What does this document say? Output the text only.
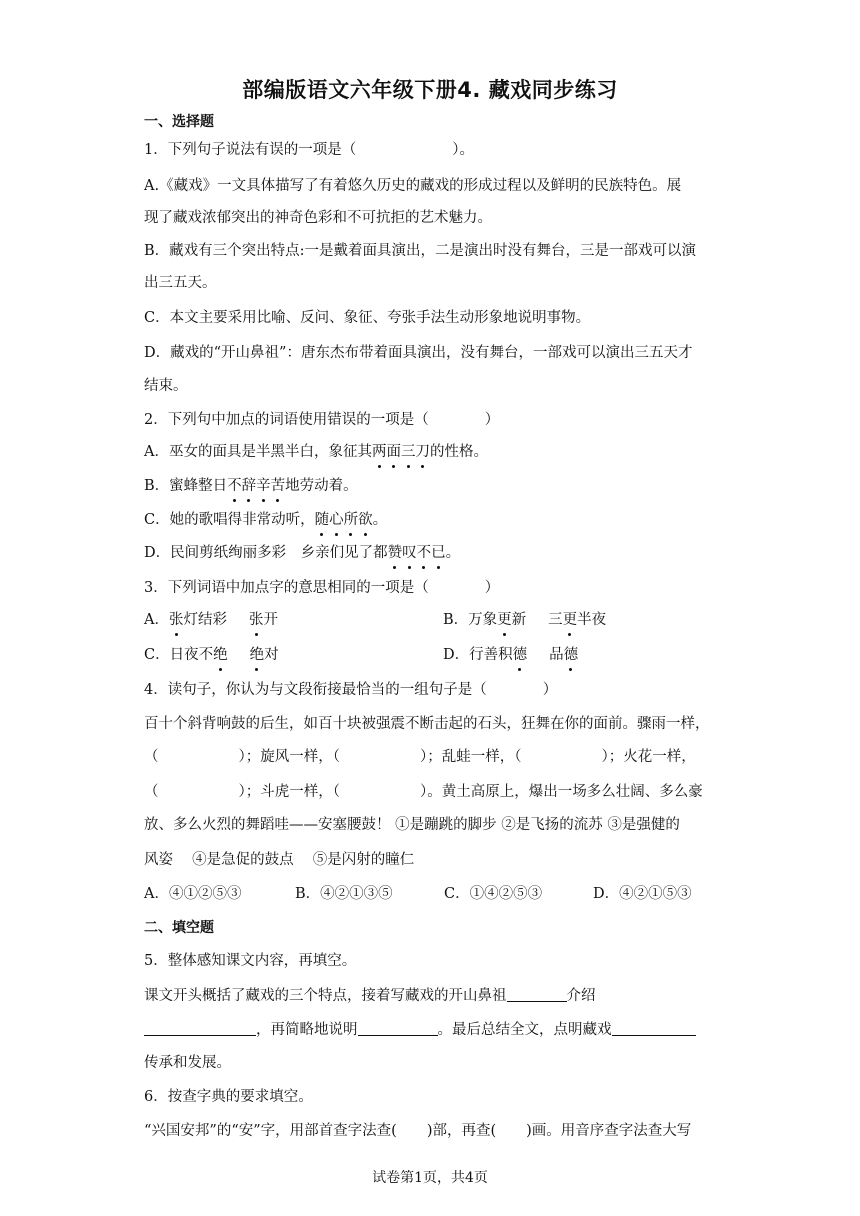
部编版语文六年级下册4. 藏戏同步练习
一、选择题
1．下列句子说法有误的一项是（	）。
A.《藏戏》一文具体描写了有着悠久历史的藏戏的形成过程以及鲜明的民族特色。展
现了藏戏浓郁突出的神奇色彩和不可抗拒的艺术魅力。
B．藏戏有三个突出特点:一是戴着面具演出，二是演出时没有舞台，三是一部戏可以演
出三五天。
C．本文主要采用比喻、反问、象征、夸张手法生动形象地说明事物。
D．藏戏的“开山鼻祖”：唐东杰布带着面具演出，没有舞台，一部戏可以演出三五天才
结束。
2．下列句中加点的词语使用错误的一项是（	）
A．巫女的面具是半黑半白，象征其两面三刀的性格。
B．蜜蜂整日不辞辛苦地劳动着。
C．她的歌唱得非常动听，随心所欲。
D．民间剪纸绚丽多彩　乡亲们见了都赞叹不已。
3．下列词语中加点字的意思相同的一项是（	）
A．张灯结彩 张开	B．万象更新 三更半夜
C．日夜不绝 绝对	D．行善积德 品德
4．读句子，你认为与文段衔接最恰当的一组句子是（	）
百十个斜背响鼓的后生，如百十块被强震不断击起的石头，狂舞在你的面前。骤雨一样，
（	）；旋风一样，（	）；乱蛙一样，（	）；火花一样，
（	）；斗虎一样，（	）。黄土高原上，爆出一场多么壮阔、多么豪
放、多么火烈的舞蹈哇——安塞腰鼓！ ①是蹦跳的脚步 ②是飞扬的流苏 ③是强健的
风姿　 ④是急促的鼓点　 ⑤是闪射的瞳仁
A．④①②⑤③	B．④②①③⑤	C．①④②⑤③	D．④②①⑤③
二、填空题
5．整体感知课文内容，再填空。
课文开头概括了藏戏的三个特点，接着写藏戏的开山鼻祖	介绍
，再简略地说明	。最后总结全文，点明藏戏
传承和发展。
6．按查字典的要求填空。
“兴国安邦”的“安”字，用部首查字法查( )部，再查( )画。用音序查字法查大写
试卷第1页，共4页
